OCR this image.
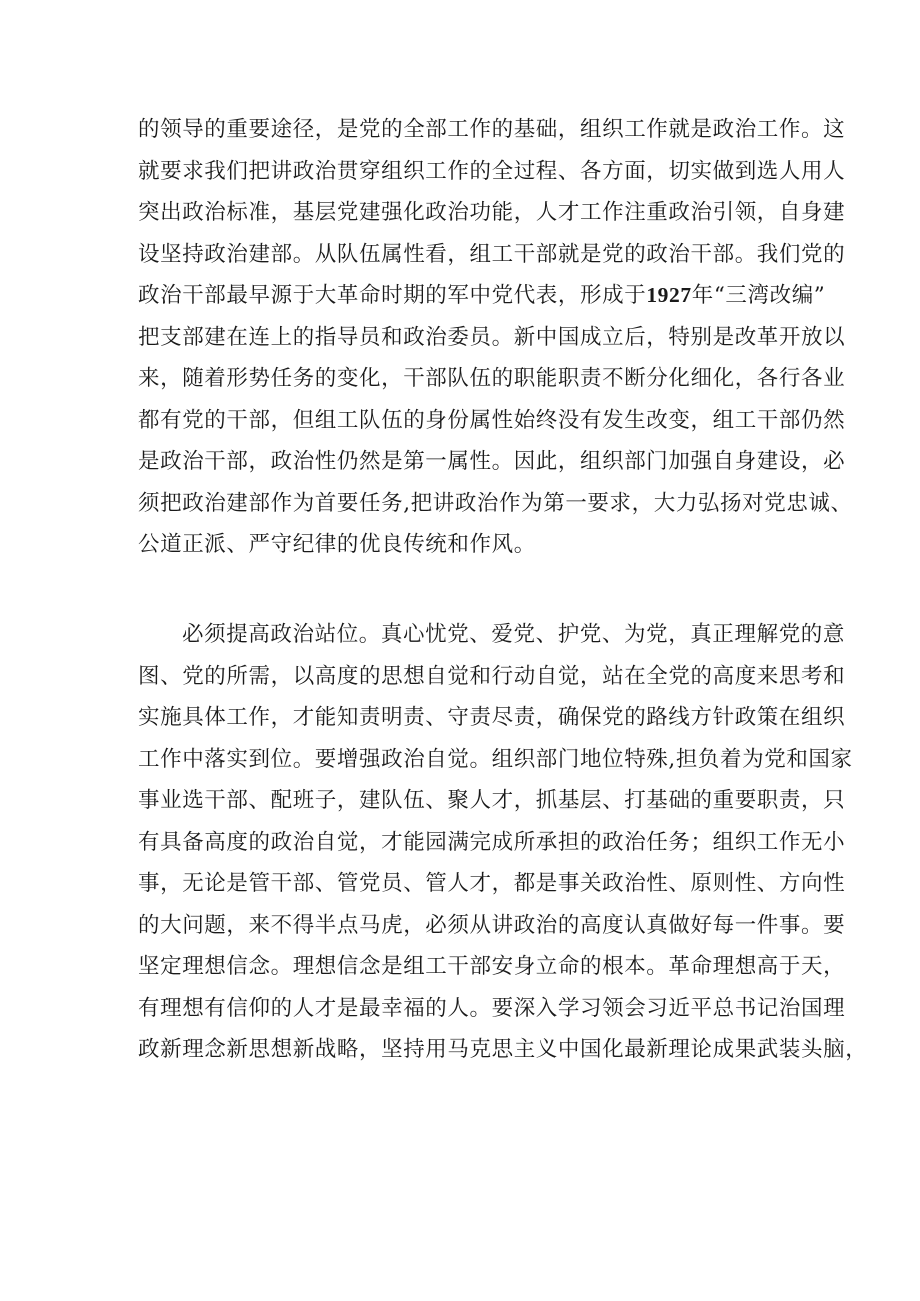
的领导的重要途径，是党的全部工作的基础，组织工作就是政治工作。这
就要求我们把讲政治贯穿组织工作的全过程、各方面，切实做到选人用人
突出政治标准，基层党建强化政治功能，人才工作注重政治引领，自身建
设坚持政治建部。从队伍属性看，组工干部就是党的政治干部。我们党的
政治干部最早源于大革命时期的军中党代表，形成于1927年“三湾改编”
把支部建在连上的指导员和政治委员。新中国成立后，特别是改革开放以
来，随着形势任务的变化，干部队伍的职能职责不断分化细化，各行各业
都有党的干部，但组工队伍的身份属性始终没有发生改变，组工干部仍然
是政治干部，政治性仍然是第一属性。因此，组织部门加强自身建设，必
须把政治建部作为首要任务,把讲政治作为第一要求，大力弘扬对党忠诚、
公道正派、严守纪律的优良传统和作风。
必须提高政治站位。真心忧党、爱党、护党、为党，真正理解党的意
图、党的所需，以高度的思想自觉和行动自觉，站在全党的高度来思考和
实施具体工作，才能知责明责、守责尽责，确保党的路线方针政策在组织
工作中落实到位。要增强政治自觉。组织部门地位特殊,担负着为党和国家
事业选干部、配班子，建队伍、聚人才，抓基层、打基础的重要职责，只
有具备高度的政治自觉，才能园满完成所承担的政治任务；组织工作无小
事，无论是管干部、管党员、管人才，都是事关政治性、原则性、方向性
的大问题，来不得半点马虎，必须从讲政治的高度认真做好每一件事。要
坚定理想信念。理想信念是组工干部安身立命的根本。革命理想高于天，
有理想有信仰的人才是最幸福的人。要深入学习领会习近平总书记治国理
政新理念新思想新战略，坚持用马克思主义中国化最新理论成果武装头脑，
